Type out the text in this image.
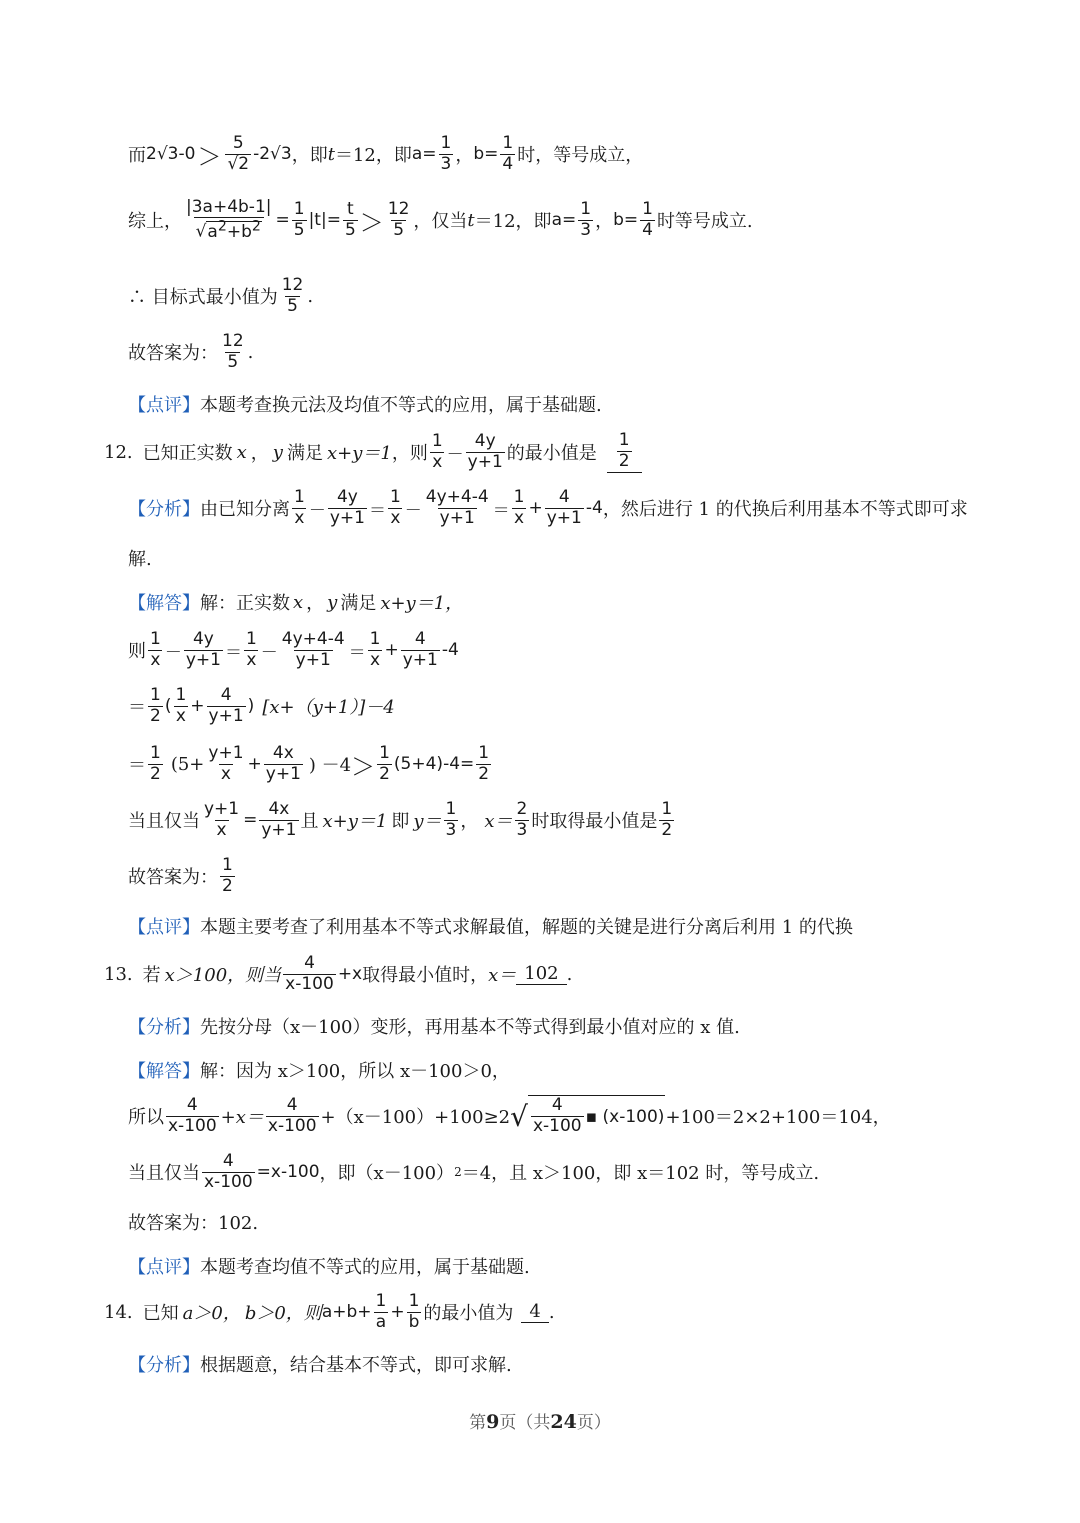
而 2√3-0 ＞ 5
√2 -2√3 ，即 t ＝12，即 $a= \frac{1}{3}$ ， $b= \frac{1}{4}$ 时，等号成立，
综上， $\frac{|3a+4b-1|}{√a^2+b^2} = \frac{1}{5} |t|= \frac{t}{5} > 12$
5 ，仅当 t ＝12，即 $a= \frac{1}{3}$ ， $b= \frac{1}{4}$ 时等号成立.
∴ 目标式最小值为
12
5 .
故答案为：
12
5 .
【点评】 本题考查换元法及均值不等式的应用，属于基础题.
12. 已知正实数 x ， y 满足 x+y＝1 ，则
1
x －
4y
y+1 的最小值是 $\frac{1}{2}$
【分析】 由已知分离
1
x －
4y
y+1 ＝
1
x －
4y+4-4
y+1 ＝
1
$x + \frac{4}{y+1} -4$ ，然后进行 1 的代换后利用基本不等式即可求
解.
【解答】 解：正实数 x ， y 满足 x+y＝1，
则
1
x －
4y
y+1 ＝
1
x －
4y+4-4
y+1 ＝
1
$x + \frac{4}{y+1} -4$
＝
1
2 (
1
$x + \frac{4}{y+1}$ ) [x+（y+1）]－4
＝
1
2 ($5+ \frac{y+1}{x} + \frac{4x}{y+1}$ ) －4 ＞ 1
2 $(5+4)-4= \frac{1}{2}$
当且仅当 $\frac{y+1}{x} = \frac{4x}{y+1}$ 且 x+y＝1 即 y＝
1
3 ， x＝
2
3 时取得最小值是
1
2
故答案为：
1
2
【点评】 本题主要考查了利用基本不等式求解最值，解题的关键是进行分离后利用 1 的代换
13. 若 x＞100，则当
4
x-100 +x 取得最小值时， x＝ 102 .
【分析】 先按分母（x－100）变形，再用基本不等式得到最小值对应的 x 值.
【解答】 解：因为 x＞100，所以 x－100＞0，
所以
4
x-100 +x＝
4
x-100 +（x－100）+100≥2 √ 4
x-100 ▪ (x-100) +100＝2×2+100＝104，
当且仅当 $\frac{4}{x-100} =x-100$ ，即（x－100） 2 ＝4，且 x＞100，即 x＝102 时，等号成立.
故答案为：102.
【点评】 本题考查均值不等式的应用，属于基础题.
14. 已知 a＞0， b＞0，则 $a+b+ \frac{1}{a} + \frac{1}{b}$ 的最小值为 4 .
【分析】 根据题意，结合基本不等式，即可求解.
第9页（共24页）
